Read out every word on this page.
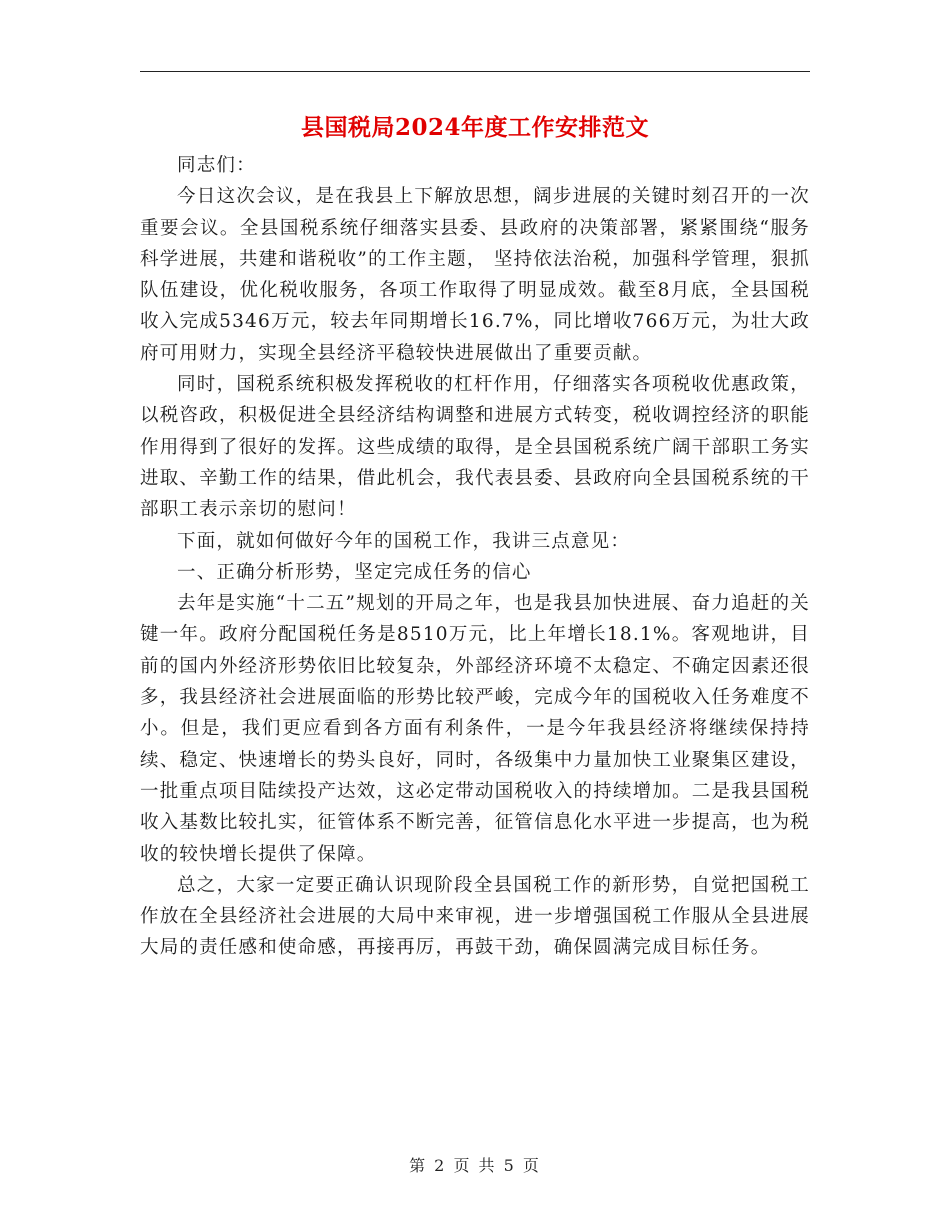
县国税局2024年度工作安排范文

同志们：

今日这次会议，是在我县上下解放思想，阔步进展的关键时刻召开的一次重要会议。全县国税系统仔细落实县委、县政府的决策部署，紧紧围绕“服务科学进展，共建和谐税收”的工作主题， 坚持依法治税，加强科学管理，狠抓队伍建设，优化税收服务，各项工作取得了明显成效。截至8月底，全县国税收入完成5346万元，较去年同期增长16.7%，同比增收766万元，为壮大政府可用财力，实现全县经济平稳较快进展做出了重要贡献。

同时，国税系统积极发挥税收的杠杆作用，仔细落实各项税收优惠政策，以税咨政，积极促进全县经济结构调整和进展方式转变，税收调控经济的职能作用得到了很好的发挥。这些成绩的取得，是全县国税系统广阔干部职工务实进取、辛勤工作的结果，借此机会，我代表县委、县政府向全县国税系统的干部职工表示亲切的慰问！

下面，就如何做好今年的国税工作，我讲三点意见：

一、正确分析形势，坚定完成任务的信心

去年是实施“十二五”规划的开局之年，也是我县加快进展、奋力追赶的关键一年。政府分配国税任务是8510万元，比上年增长18.1%。客观地讲，目前的国内外经济形势依旧比较复杂，外部经济环境不太稳定、不确定因素还很多，我县经济社会进展面临的形势比较严峻，完成今年的国税收入任务难度不小。但是，我们更应看到各方面有利条件，一是今年我县经济将继续保持持续、稳定、快速增长的势头良好，同时，各级集中力量加快工业聚集区建设，一批重点项目陆续投产达效，这必定带动国税收入的持续增加。二是我县国税收入基数比较扎实，征管体系不断完善，征管信息化水平进一步提高，也为税收的较快增长提供了保障。

总之，大家一定要正确认识现阶段全县国税工作的新形势，自觉把国税工作放在全县经济社会进展的大局中来审视，进一步增强国税工作服从全县进展大局的责任感和使命感，再接再厉，再鼓干劲，确保圆满完成目标任务。

第 2 页 共 5 页
